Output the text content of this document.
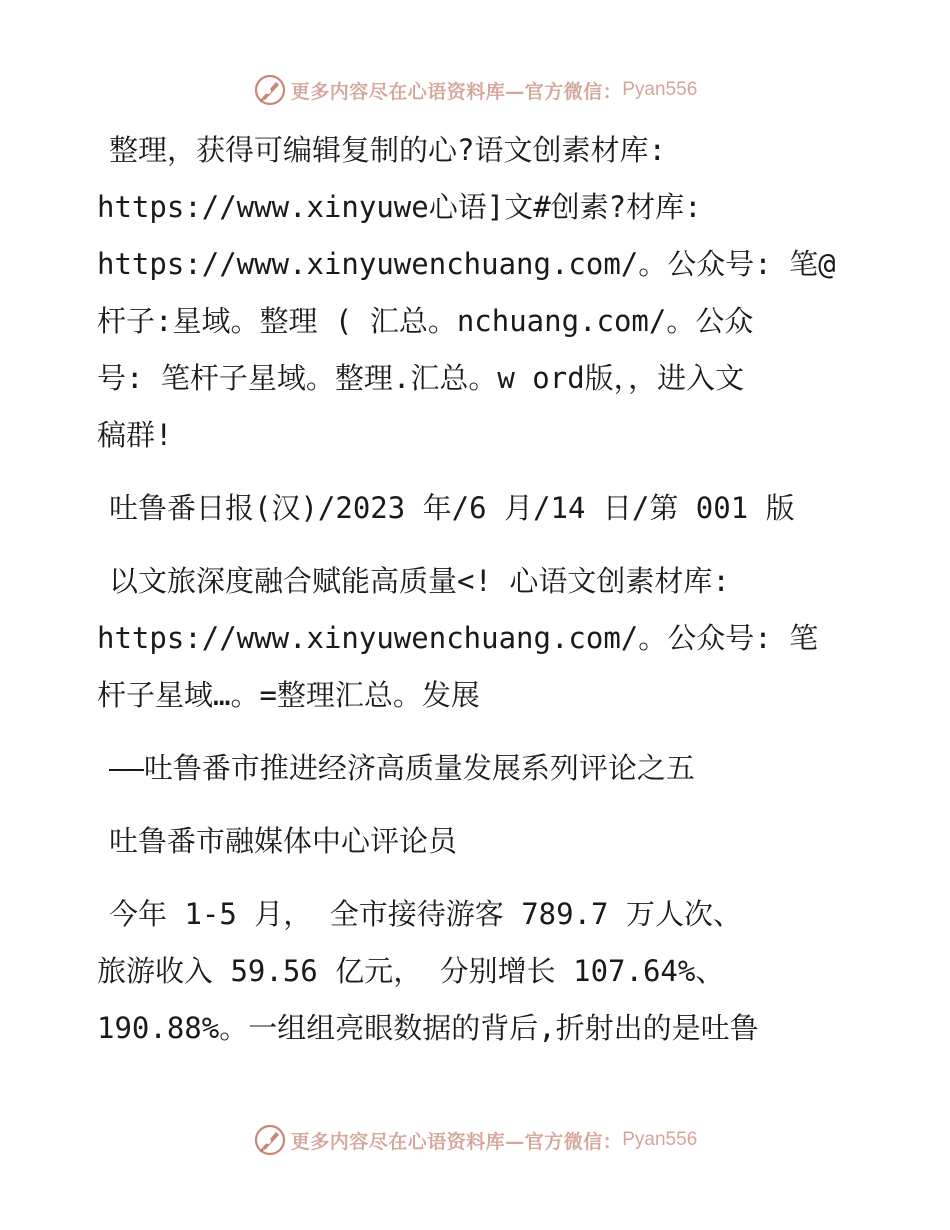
更多内容尽在心语资料库—官方微信： Pyan556

整理，获得可编辑复制的心?语文创素材库:
https://www.xinyuwe心语]文#创素?材库:
https://www.xinyuwenchuang.com/。公众号: 笔@
杆子:星域。整理 ( 汇总。nchuang.com/。公众
号: 笔杆子星域。整理.汇总。w ord版，，进入文
稿群!

吐鲁番日报(汉)/2023 年/6 月/14 日/第 001 版

以文旅深度融合赋能高质量<! 心语文创素材库:
https://www.xinyuwenchuang.com/。公众号: 笔
杆子星域…。=整理汇总。发展

——吐鲁番市推进经济高质量发展系列评论之五

吐鲁番市融媒体中心评论员

今年 1-5 月， 全市接待游客 789.7 万人次、
旅游收入 59.56 亿元， 分别增长 107.64%、
190.88%。一组组亮眼数据的背后,折射出的是吐鲁

更多内容尽在心语资料库—官方微信： Pyan556
